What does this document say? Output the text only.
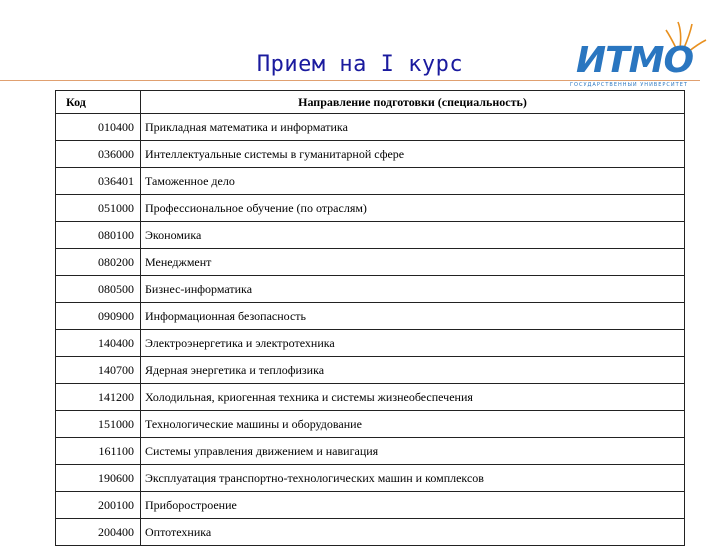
Прием на I курс	ИТМО
ГОСУДАРСТВЕННЫЙ УНИВЕРСИТЕТ
Код	Направление подготовки (специальность)
010400	Прикладная математика и информатика
036000	Интеллектуальные системы в гуманитарной сфере
036401	Таможенное дело
051000	Профессиональное обучение (по отраслям)
080100	Экономика
080200	Менеджмент
080500	Бизнес-информатика
090900	Информационная безопасность
140400	Электроэнергетика и электротехника
140700	Ядерная энергетика и теплофизика
141200	Холодильная, криогенная техника и системы жизнеобеспечения
151000	Технологические машины и оборудование
161100	Системы управления движением и навигация
190600	Эксплуатация транспортно-технологических машин и комплексов
200100	Приборостроение
200400	Оптотехника
